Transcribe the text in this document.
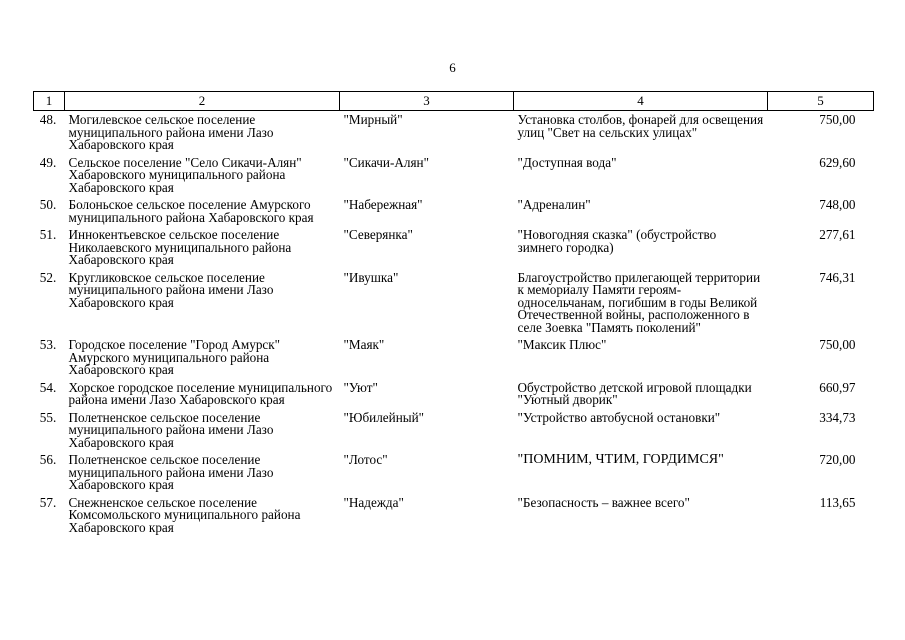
6
1	2	3	4	5
48.	Могилевское сельское поселение муниципального района имени Лазо Хабаровского края	"Мирный"	Установка столбов, фонарей для освещения улиц "Свет на сельских улицах"	750,00
49.	Сельское поселение "Село Сикачи-Алян" Хабаровского муниципального района Хабаровского края	"Сикачи-Алян"	"Доступная вода"	629,60
50.	Болоньское сельское поселение Амурского муниципального района Хабаровского края	"Набережная"	"Адреналин"	748,00
51.	Иннокентьевское сельское поселение Николаевского муниципального района Хабаровского края	"Северянка"	"Новогодняя сказка" (обустройство зимнего городка)	277,61
52.	Кругликовское сельское поселение муниципального района имени Лазо Хабаровского края	"Ивушка"	Благоустройство прилегающей территории к мемориалу Памяти героям-односельчанам, погибшим в годы Великой Отечественной войны, расположенного в селе Зоевка "Память поколений"	746,31
53.	Городское поселение "Город Амурск" Амурского муниципального района Хабаровского края	"Маяк"	"Максик Плюс"	750,00
54.	Хорское городское поселение муниципального района имени Лазо Хабаровского края	"Уют"	Обустройство детской игровой площадки "Уютный дворик"	660,97
55.	Полетненское сельское поселение муниципального района имени Лазо Хабаровского края	"Юбилейный"	"Устройство автобусной остановки"	334,73
56.	Полетненское сельское поселение муниципального района имени Лазо Хабаровского края	"Лотос"	"ПОМНИМ, ЧТИМ, ГОРДИМСЯ"	720,00
57.	Снежненское сельское поселение Комсомольского муниципального района Хабаровского края	"Надежда"	"Безопасность – важнее всего"	113,65
